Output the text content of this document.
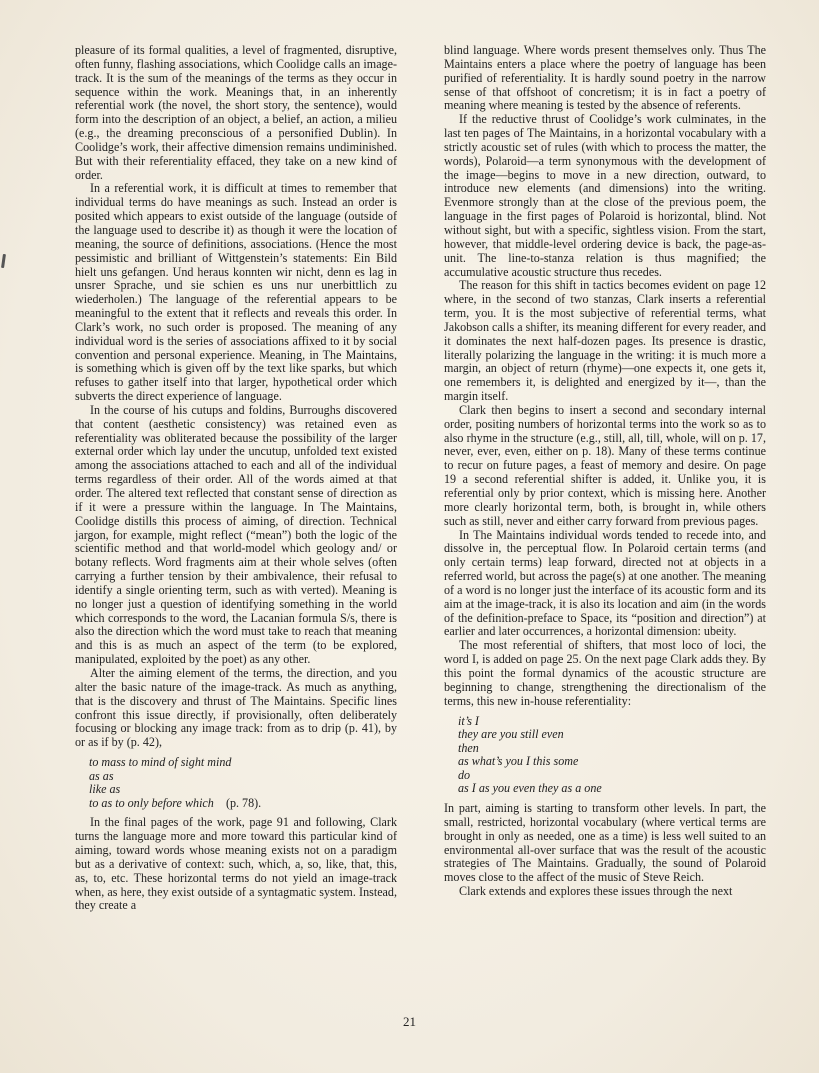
pleasure of its formal qualities, a level of fragmented, disruptive, often funny, flashing associations, which Coolidge calls an image-track. It is the sum of the meanings of the terms as they occur in sequence within the work. Meanings that, in an inherently referential work (the novel, the short story, the sentence), would form into the description of an object, a belief, an action, a milieu (e.g., the dreaming preconscious of a personified Dublin). In Coolidge’s work, their affective dimension remains undiminished. But with their referentiality effaced, they take on a new kind of order.

In a referential work, it is difficult at times to remember that individual terms do have meanings as such. Instead an order is posited which appears to exist outside of the language (outside of the language used to describe it) as though it were the location of meaning, the source of definitions, associations. (Hence the most pessimistic and brilliant of Wittgenstein’s statements: Ein Bild hielt uns gefangen. Und heraus konnten wir nicht, denn es lag in unsrer Sprache, und sie schien es uns nur unerbittlich zu wiederholen.) The language of the referential appears to be meaningful to the extent that it reflects and reveals this order. In Clark’s work, no such order is proposed. The meaning of any individual word is the series of associations affixed to it by social convention and personal experience. Meaning, in The Maintains, is something which is given off by the text like sparks, but which refuses to gather itself into that larger, hypothetical order which subverts the direct experience of language.

In the course of his cutups and foldins, Burroughs discovered that content (aesthetic consistency) was retained even as referentiality was obliterated because the possibility of the larger external order which lay under the uncutup, unfolded text existed among the associations attached to each and all of the individual terms regardless of their order. All of the words aimed at that order. The altered text reflected that constant sense of direction as if it were a pressure within the language. In The Maintains, Coolidge distills this process of aiming, of direction. Technical jargon, for example, might reflect (“mean”) both the logic of the scientific method and that world-model which geology and/ or botany reflects. Word fragments aim at their whole selves (often carrying a further tension by their ambivalence, their refusal to identify a single orienting term, such as with verted). Meaning is no longer just a question of identifying something in the world which corresponds to the word, the Lacanian formula S/s, there is also the direction which the word must take to reach that meaning and this is as much an aspect of the term (to be explored, manipulated, exploited by the poet) as any other.

Alter the aiming element of the terms, the direction, and you alter the basic nature of the image-track. As much as anything, that is the discovery and thrust of The Maintains. Specific lines confront this issue directly, if provisionally, often deliberately focusing or blocking any image track: from as to drip (p. 41), by or as if by (p. 42),

to mass to mind of sight mind
as as
like as
to as to only before which (p. 78).

In the final pages of the work, page 91 and following, Clark turns the language more and more toward this particular kind of aiming, toward words whose meaning exists not on a paradigm but as a derivative of context: such, which, a, so, like, that, this, as, to, etc. These horizontal terms do not yield an image-track when, as here, they exist outside of a syntagmatic system. Instead, they create a

blind language. Where words present themselves only. Thus The Maintains enters a place where the poetry of language has been purified of referentiality. It is hardly sound poetry in the narrow sense of that offshoot of concretism; it is in fact a poetry of meaning where meaning is tested by the absence of referents.

If the reductive thrust of Coolidge’s work culminates, in the last ten pages of The Maintains, in a horizontal vocabulary with a strictly acoustic set of rules (with which to process the matter, the words), Polaroid—a term synonymous with the development of the image—begins to move in a new direction, outward, to introduce new elements (and dimensions) into the writing. Evenmore strongly than at the close of the previous poem, the language in the first pages of Polaroid is horizontal, blind. Not without sight, but with a specific, sightless vision. From the start, however, that middle-level ordering device is back, the page-as-unit. The line-to-stanza relation is thus magnified; the accumulative acoustic structure thus recedes.

The reason for this shift in tactics becomes evident on page 12 where, in the second of two stanzas, Clark inserts a referential term, you. It is the most subjective of referential terms, what Jakobson calls a shifter, its meaning different for every reader, and it dominates the next half-dozen pages. Its presence is drastic, literally polarizing the language in the writing: it is much more a margin, an object of return (rhyme)—one expects it, one gets it, one remembers it, is delighted and energized by it—, than the margin itself.

Clark then begins to insert a second and secondary internal order, positing numbers of horizontal terms into the work so as to also rhyme in the structure (e.g., still, all, till, whole, will on p. 17, never, ever, even, either on p. 18). Many of these terms continue to recur on future pages, a feast of memory and desire. On page 19 a second referential shifter is added, it. Unlike you, it is referential only by prior context, which is missing here. Another more clearly horizontal term, both, is brought in, while others such as still, never and either carry forward from previous pages.

In The Maintains individual words tended to recede into, and dissolve in, the perceptual flow. In Polaroid certain terms (and only certain terms) leap forward, directed not at objects in a referred world, but across the page(s) at one another. The meaning of a word is no longer just the interface of its acoustic form and its aim at the image-track, it is also its location and aim (in the words of the definition-preface to Space, its “position and direction”) at earlier and later occurrences, a horizontal dimension: ubeity.

The most referential of shifters, that most loco of loci, the word I, is added on page 25. On the next page Clark adds they. By this point the formal dynamics of the acoustic structure are beginning to change, strengthening the directionalism of the terms, this new in-house referentiality:

it’s I
they are you still even
then
as what’s you I this some
do
as I as you even they as a one

In part, aiming is starting to transform other levels. In part, the small, restricted, horizontal vocabulary (where vertical terms are brought in only as needed, one as a time) is less well suited to an environmental all-over surface that was the result of the acoustic strategies of The Maintains. Gradually, the sound of Polaroid moves close to the affect of the music of Steve Reich.

Clark extends and explores these issues through the next

21
